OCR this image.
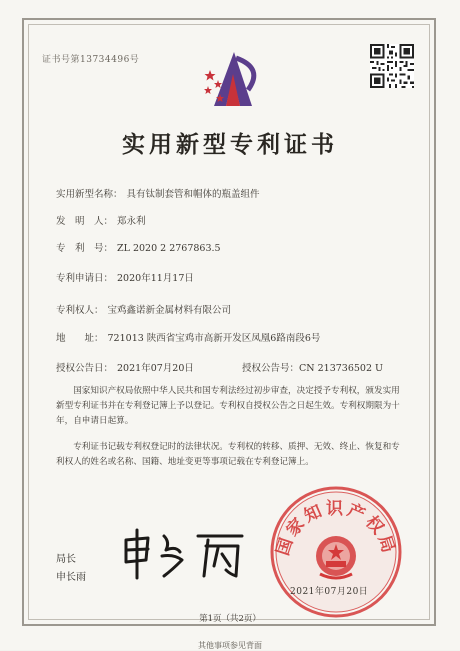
证书号第13734496号
实用新型专利证书
实用新型名称： 具有钛制套管和帽体的瓶盖组件
发　明　人： 郑永利
专　利　号： ZL 2020 2 2767863.5
专利申请日： 2020年11月17日
专利权人： 宝鸡鑫诺新金属材料有限公司
地　　址： 721013 陕西省宝鸡市高新开发区凤凰6路南段6号
授权公告日： 2021年07月20日	授权公告号：CN 213736502 U
国家知识产权局依照中华人民共和国专利法经过初步审查，决定授予专利权，颁发实用新型专利证书并在专利登记簿上予以登记。专利权自授权公告之日起生效。专利权期限为十年，自申请日起算。
专利证书记载专利权登记时的法律状况。专利权的转移、质押、无效、终止、恢复和专利权人的姓名或名称、国籍、地址变更等事项记载在专利登记簿上。
局长
申长雨
国家知识产权局
2021年07月20日
第1页（共2页）
其他事项参见背面
